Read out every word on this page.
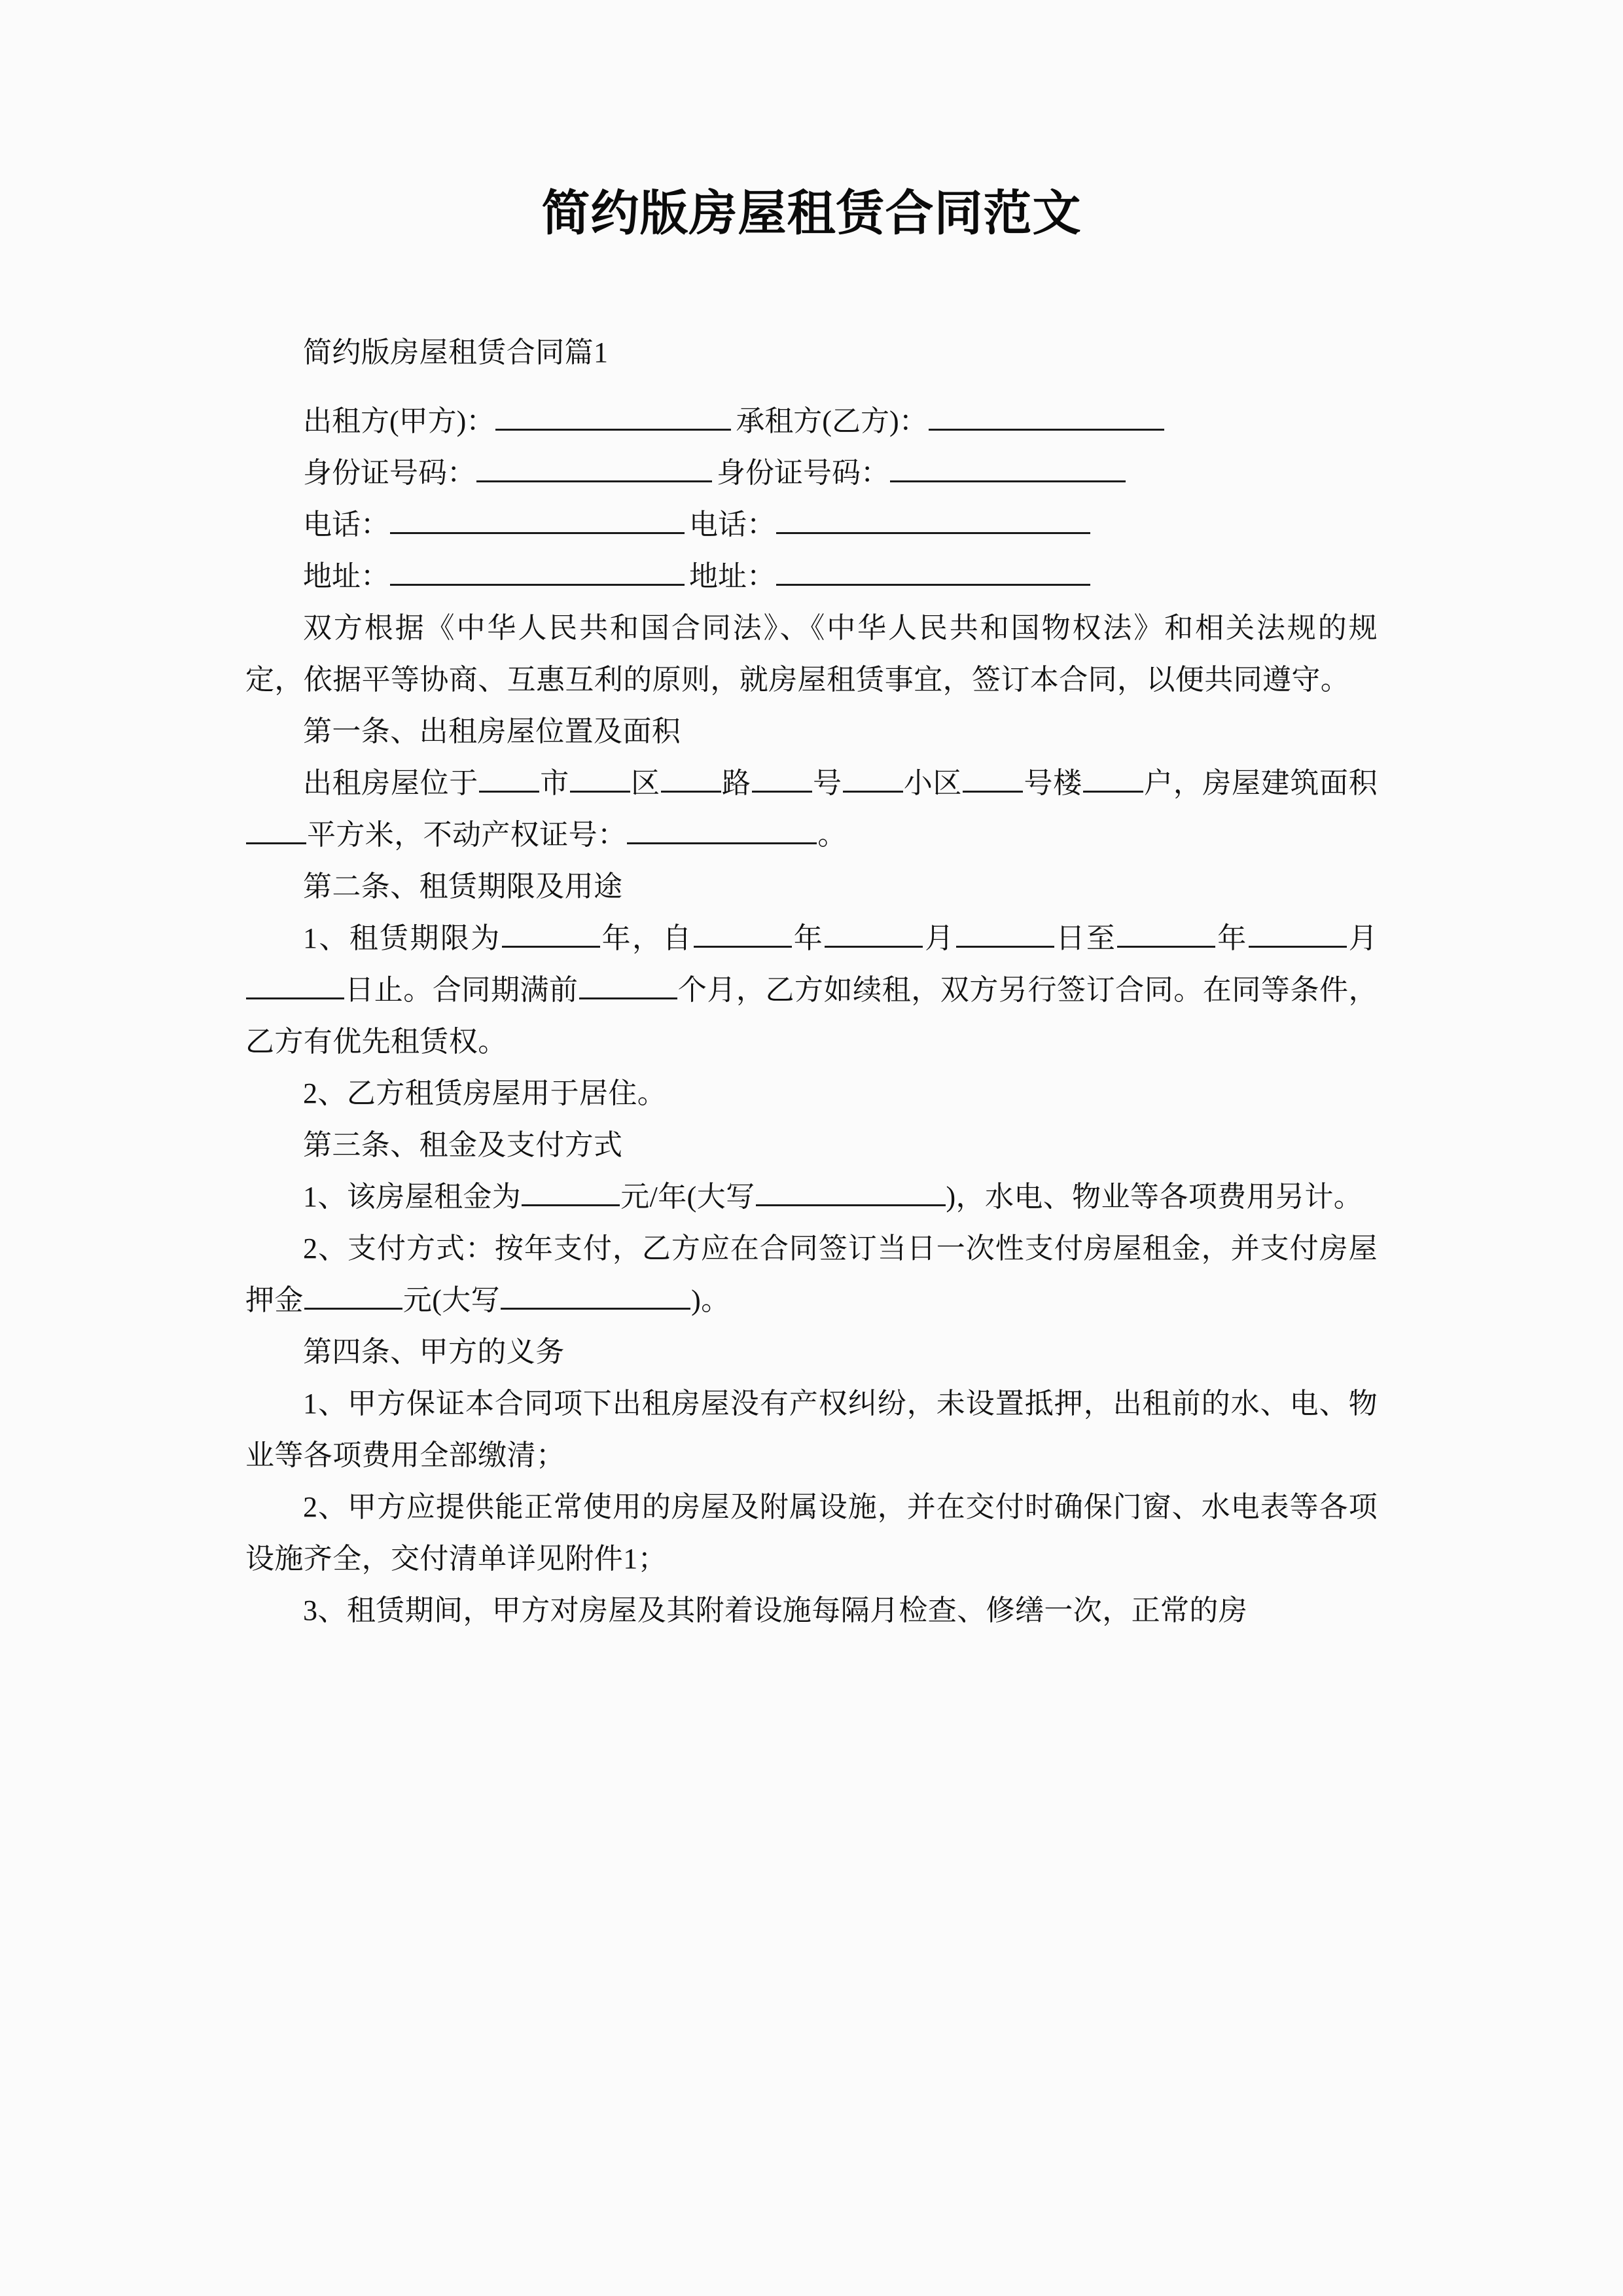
简约版房屋租赁合同范文

简约版房屋租赁合同篇1

出租方(甲方)：	承租方(乙方)：

身份证号码：	身份证号码：

电话：	电话：

地址：	地址：

双方根据《中华人民共和国合同法》、《中华人民共和国物权法》和相关法规的规定，依据平等协商、互惠互利的原则，就房屋租赁事宜，签订本合同，以便共同遵守。

第一条、出租房屋位置及面积

出租房屋位于 市 区 路 号 小区 号楼 户，房屋建筑面积平方米，不动产权证号：	。

第二条、租赁期限及用途

1、租赁期限为	年，自	年	月	日至	年	月日止。合同期满前	个月，乙方如续租，双方另行签订合同。在同等条件，乙方有优先租赁权。

2、乙方租赁房屋用于居住。

第三条、租金及支付方式

1、该房屋租金为	元/年(大写	)，水电、物业等各项费用另计。

2、支付方式：按年支付，乙方应在合同签订当日一次性支付房屋租金，并支付房屋押金	元(大写	)。

第四条、甲方的义务

1、甲方保证本合同项下出租房屋没有产权纠纷，未设置抵押，出租前的水、电、物业等各项费用全部缴清；

2、甲方应提供能正常使用的房屋及附属设施，并在交付时确保门窗、水电表等各项设施齐全，交付清单详见附件1；

3、租赁期间，甲方对房屋及其附着设施每隔月检查、修缮一次，正常的房
